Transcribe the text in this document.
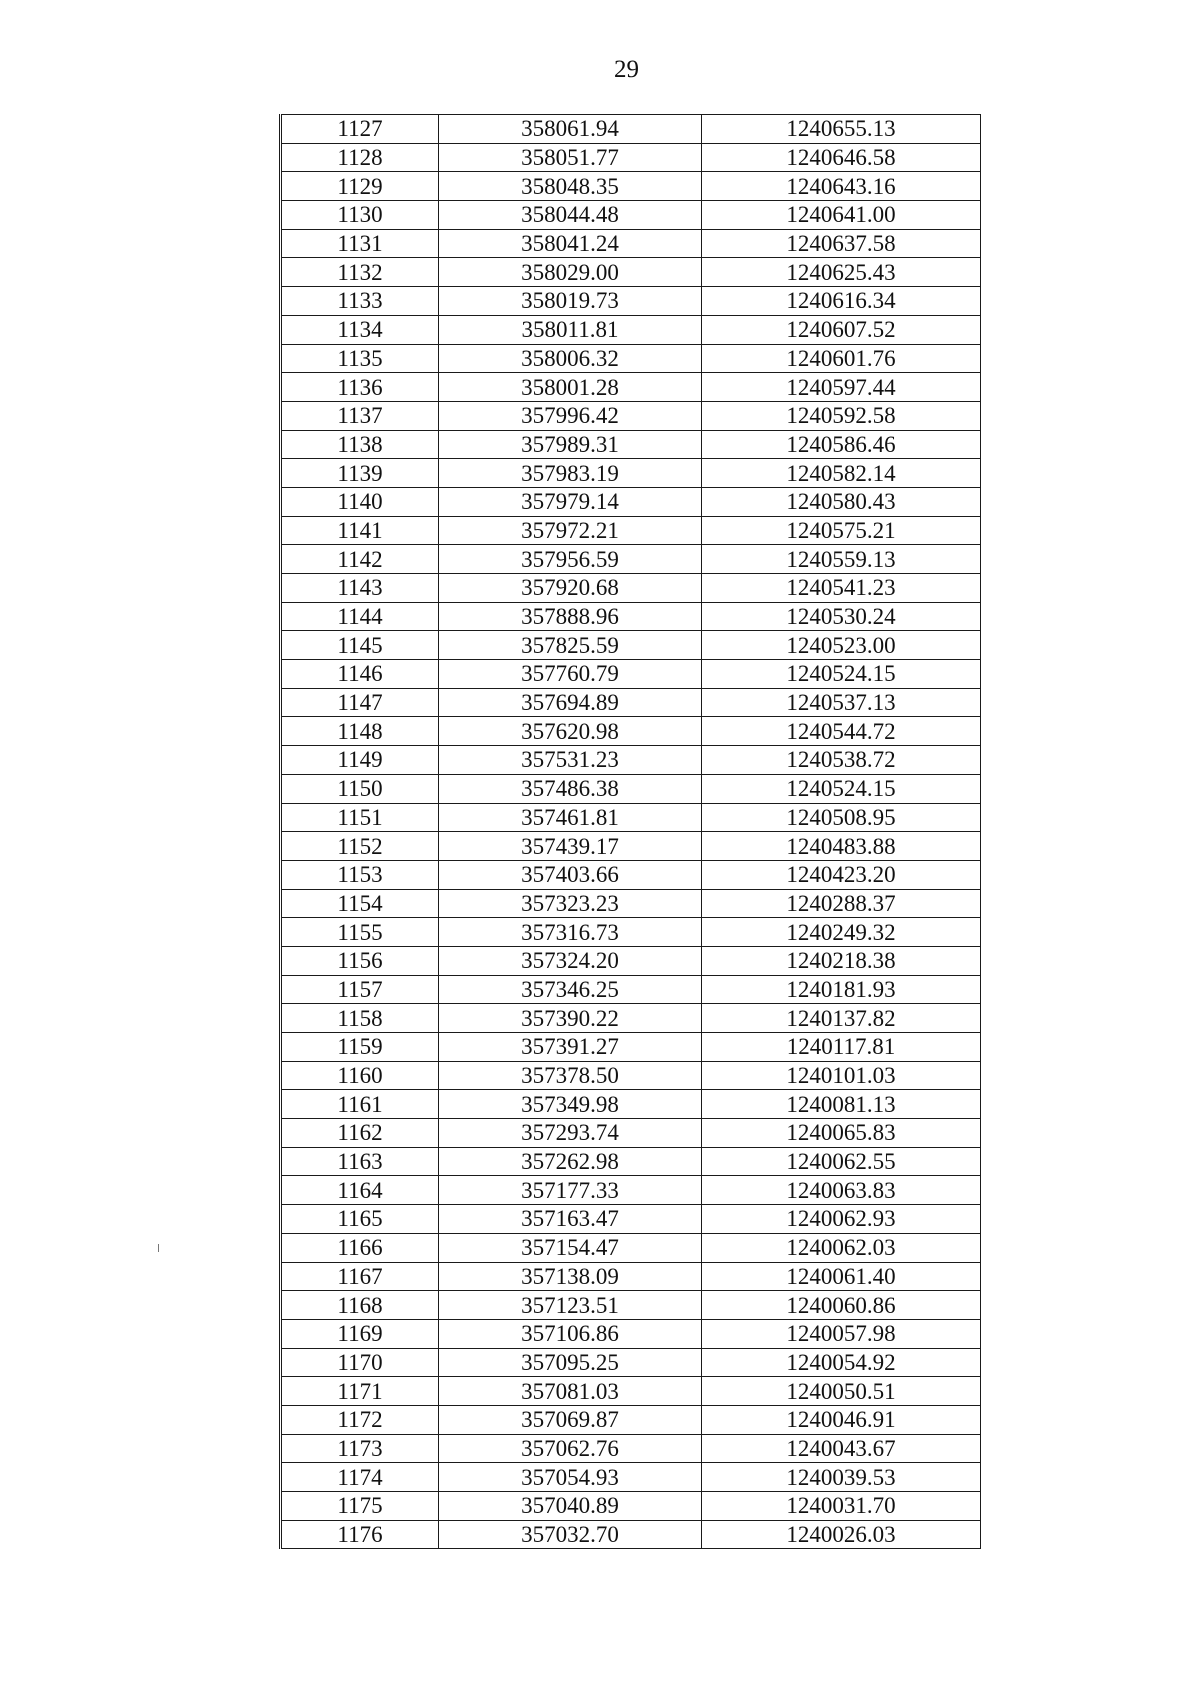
29
1127	358061.94	1240655.13
1128	358051.77	1240646.58
1129	358048.35	1240643.16
1130	358044.48	1240641.00
1131	358041.24	1240637.58
1132	358029.00	1240625.43
1133	358019.73	1240616.34
1134	358011.81	1240607.52
1135	358006.32	1240601.76
1136	358001.28	1240597.44
1137	357996.42	1240592.58
1138	357989.31	1240586.46
1139	357983.19	1240582.14
1140	357979.14	1240580.43
1141	357972.21	1240575.21
1142	357956.59	1240559.13
1143	357920.68	1240541.23
1144	357888.96	1240530.24
1145	357825.59	1240523.00
1146	357760.79	1240524.15
1147	357694.89	1240537.13
1148	357620.98	1240544.72
1149	357531.23	1240538.72
1150	357486.38	1240524.15
1151	357461.81	1240508.95
1152	357439.17	1240483.88
1153	357403.66	1240423.20
1154	357323.23	1240288.37
1155	357316.73	1240249.32
1156	357324.20	1240218.38
1157	357346.25	1240181.93
1158	357390.22	1240137.82
1159	357391.27	1240117.81
1160	357378.50	1240101.03
1161	357349.98	1240081.13
1162	357293.74	1240065.83
1163	357262.98	1240062.55
1164	357177.33	1240063.83
1165	357163.47	1240062.93
1166	357154.47	1240062.03
1167	357138.09	1240061.40
1168	357123.51	1240060.86
1169	357106.86	1240057.98
1170	357095.25	1240054.92
1171	357081.03	1240050.51
1172	357069.87	1240046.91
1173	357062.76	1240043.67
1174	357054.93	1240039.53
1175	357040.89	1240031.70
1176	357032.70	1240026.03
